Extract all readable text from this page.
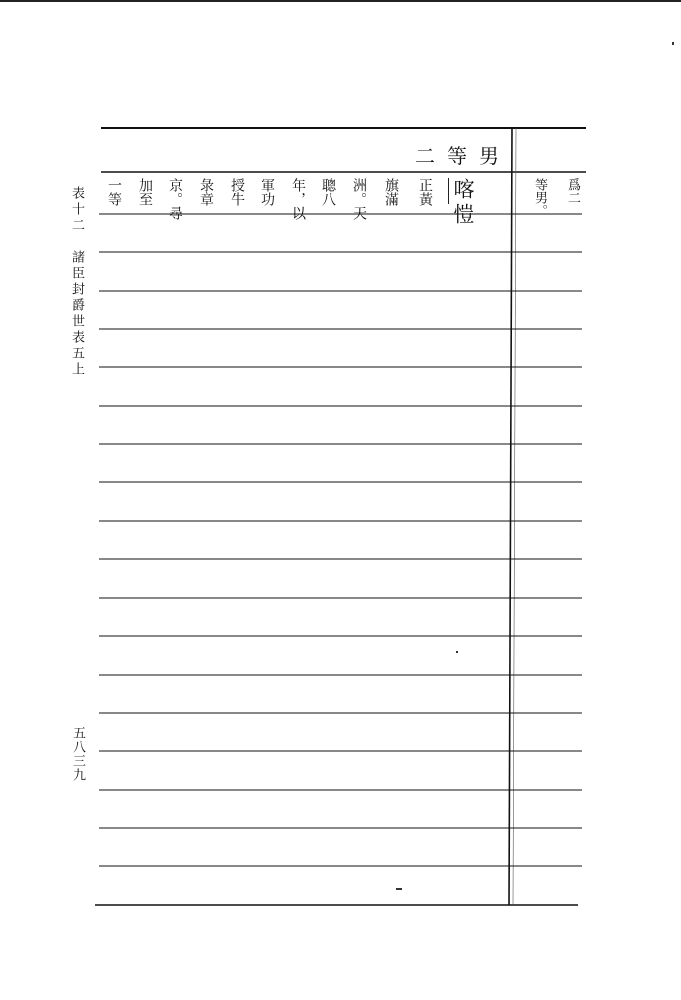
表十二　諸臣封爵世表五上
五八三九
二等男
喀愷
正黃
旗滿
洲。天
聰八
年，以
軍功
授牛
彔章
京。尋
加至
一等	爲二
等男。
